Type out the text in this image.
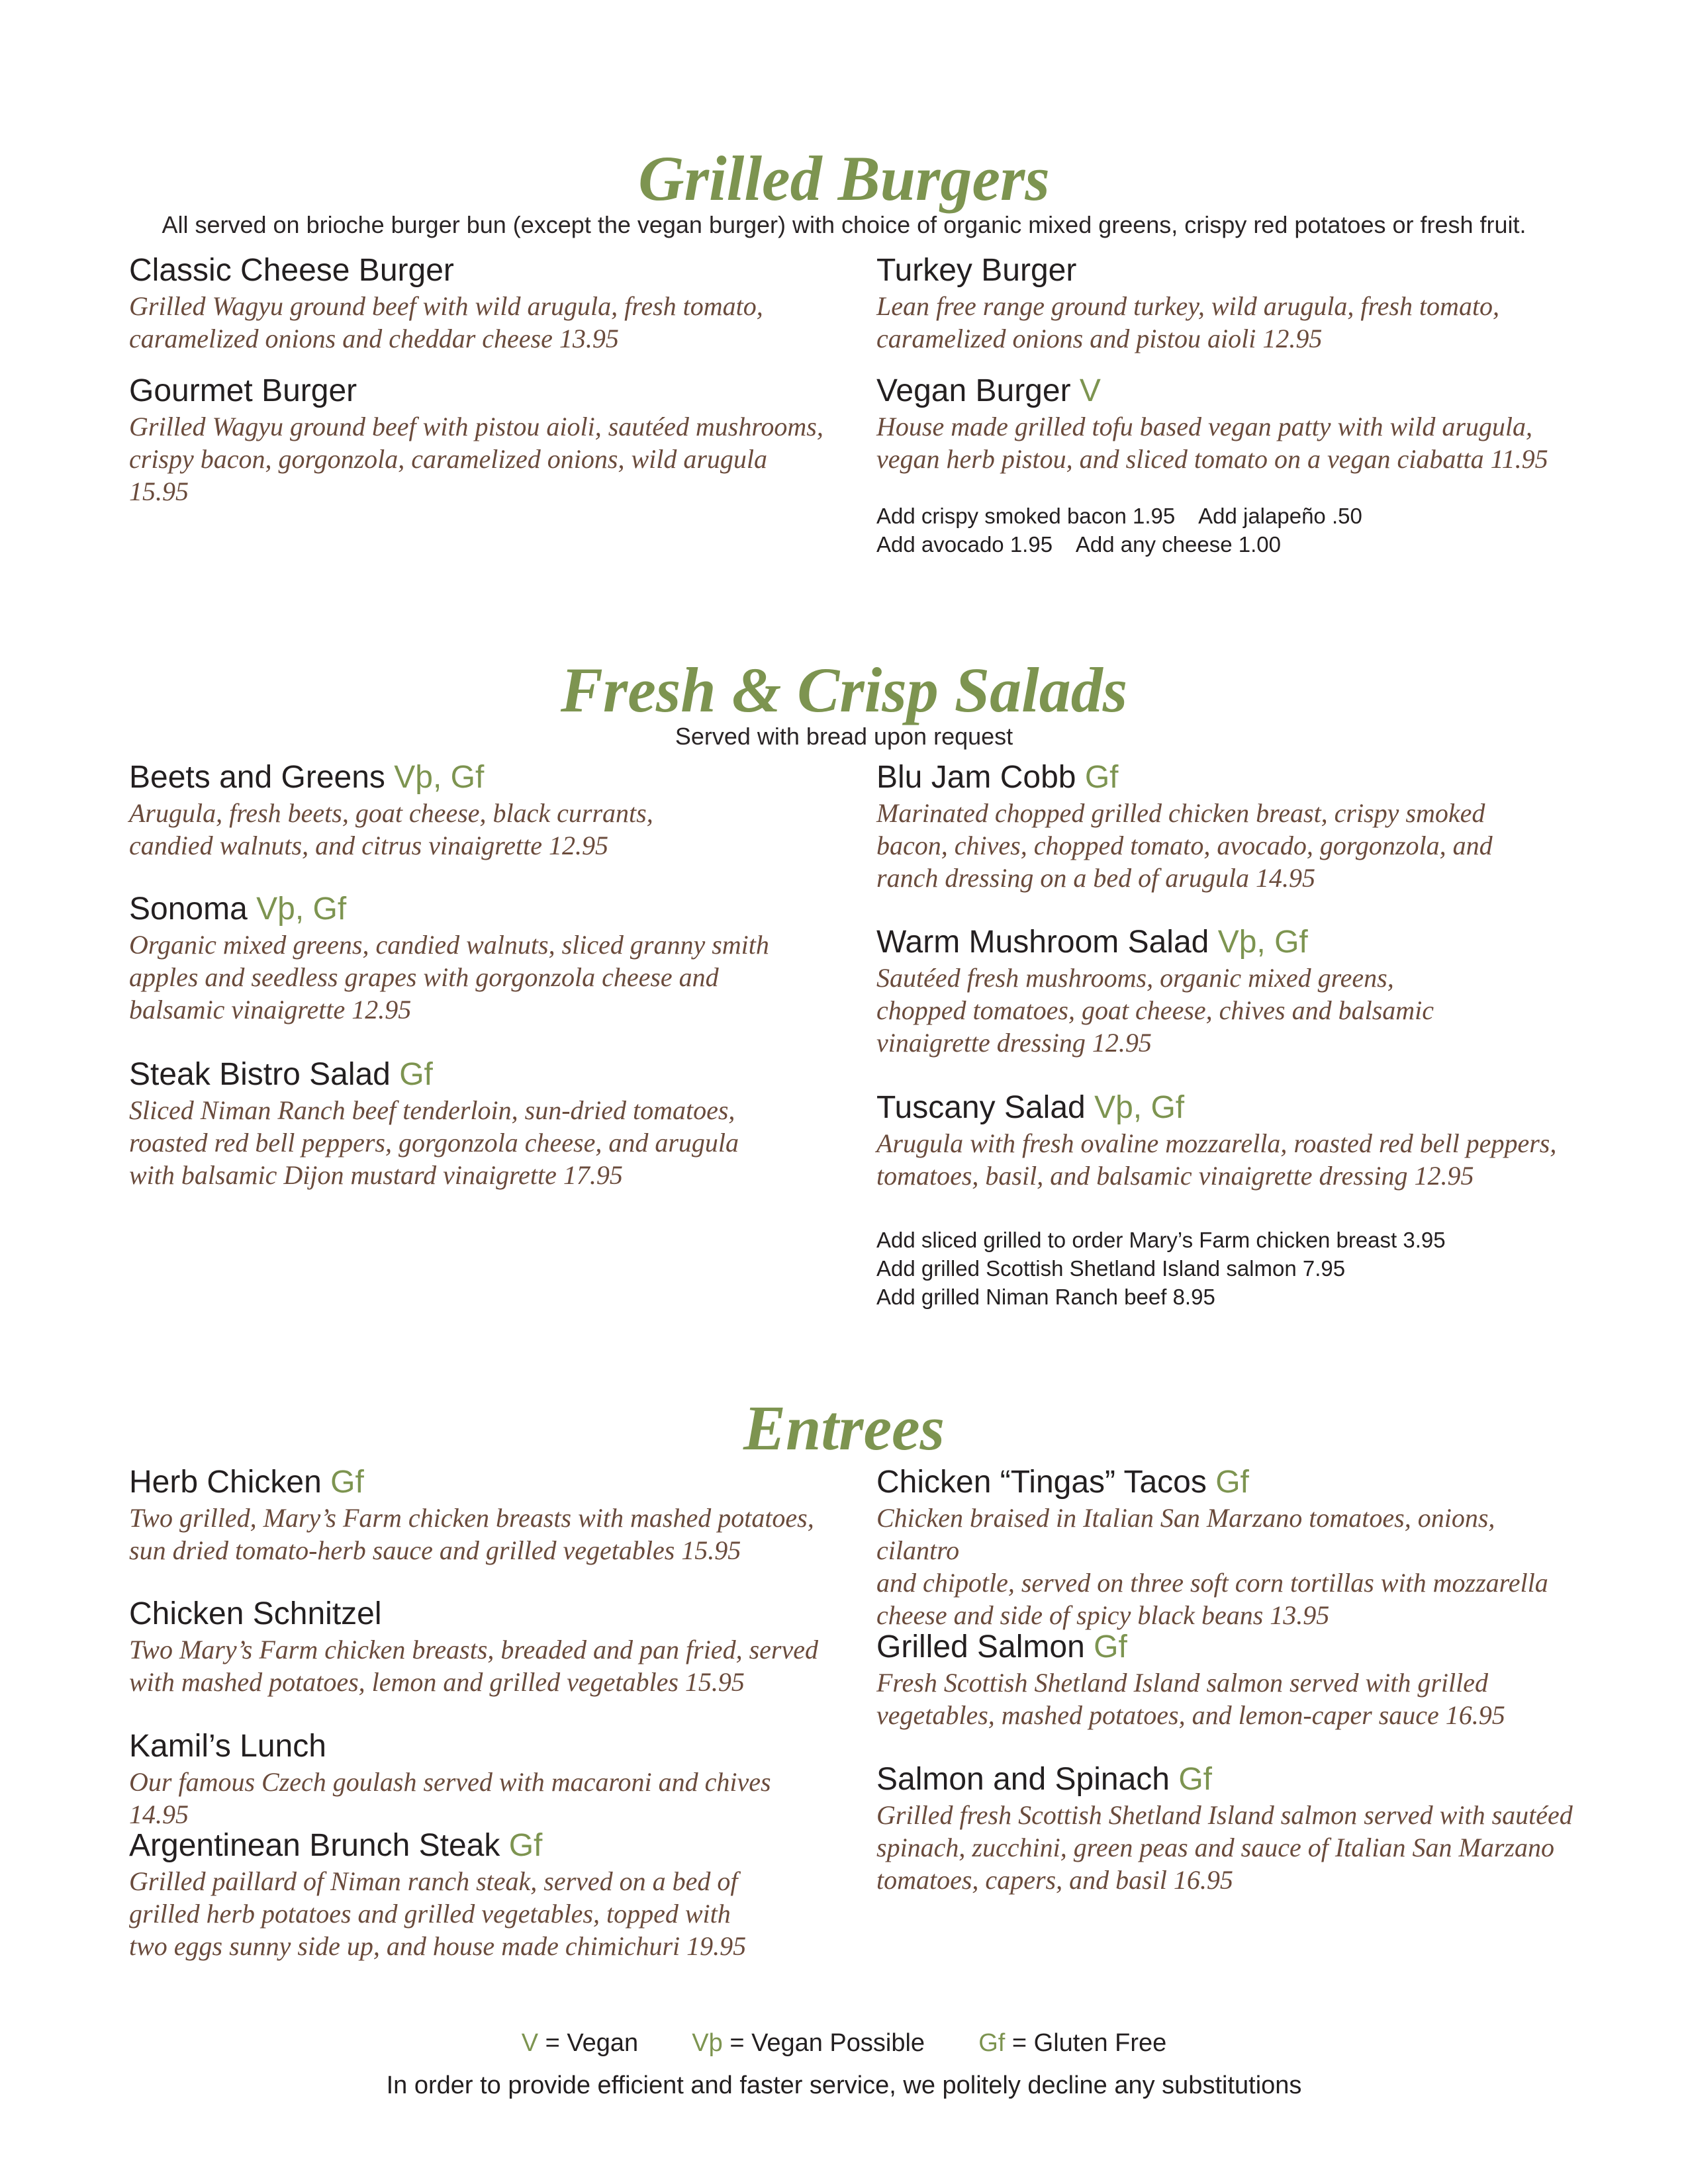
Grilled Burgers

All served on brioche burger bun (except the vegan burger) with choice of organic mixed greens, crispy red potatoes or fresh fruit.

Classic Cheese Burger
Grilled Wagyu ground beef with wild arugula, fresh tomato,
caramelized onions and cheddar cheese 13.95
Gourmet Burger
Grilled Wagyu ground beef with pistou aioli, sautéed mushrooms,
crispy bacon, gorgonzola, caramelized onions, wild arugula 15.95
Turkey Burger
Lean free range ground turkey, wild arugula, fresh tomato,
caramelized onions and pistou aioli 12.95
Vegan Burger V
House made grilled tofu based vegan patty with wild arugula,
vegan herb pistou, and sliced tomato on a vegan ciabatta 11.95
Add crispy smoked bacon 1.95    Add jalapeño .50
Add avocado 1.95    Add any cheese 1.00
Fresh & Crisp Salads

Served with bread upon request

Beets and Greens Vþ, Gf
Arugula, fresh beets, goat cheese, black currants,
candied walnuts, and citrus vinaigrette 12.95
Sonoma Vþ, Gf
Organic mixed greens, candied walnuts, sliced granny smith
apples and seedless grapes with gorgonzola cheese and
balsamic vinaigrette 12.95
Steak Bistro Salad Gf
Sliced Niman Ranch beef tenderloin, sun-dried tomatoes,
roasted red bell peppers, gorgonzola cheese, and arugula
with balsamic Dijon mustard vinaigrette 17.95
Blu Jam Cobb Gf
Marinated chopped grilled chicken breast, crispy smoked
bacon, chives, chopped tomato, avocado, gorgonzola, and
ranch dressing on a bed of arugula 14.95
Warm Mushroom Salad Vþ, Gf
Sautéed fresh mushrooms, organic mixed greens,
chopped tomatoes, goat cheese, chives and balsamic
vinaigrette dressing 12.95
Tuscany Salad Vþ, Gf
Arugula with fresh ovaline mozzarella, roasted red bell peppers,
tomatoes, basil, and balsamic vinaigrette dressing 12.95
Add sliced grilled to order Mary’s Farm chicken breast 3.95
Add grilled Scottish Shetland Island salmon 7.95
Add grilled Niman Ranch beef 8.95
Entrees
Herb Chicken Gf
Two grilled, Mary’s Farm chicken breasts with mashed potatoes,
sun dried tomato-herb sauce and grilled vegetables 15.95
Chicken Schnitzel
Two Mary’s Farm chicken breasts, breaded and pan fried, served
with mashed potatoes, lemon and grilled vegetables 15.95
Kamil’s Lunch
Our famous Czech goulash served with macaroni and chives 14.95
Argentinean Brunch Steak Gf
Grilled paillard of Niman ranch steak, served on a bed of
grilled herb potatoes and grilled vegetables, topped with
two eggs sunny side up, and house made chimichuri 19.95
Chicken “Tingas” Tacos Gf
Chicken braised in Italian San Marzano tomatoes, onions, cilantro
and chipotle, served on three soft corn tortillas with mozzarella
cheese and side of spicy black beans 13.95
Grilled Salmon Gf
Fresh Scottish Shetland Island salmon served with grilled
vegetables, mashed potatoes, and lemon-caper sauce 16.95
Salmon and Spinach Gf
Grilled fresh Scottish Shetland Island salmon served with sautéed
spinach, zucchini, green peas and sauce of Italian San Marzano
tomatoes, capers, and basil 16.95
V = Vegan Vþ = Vegan Possible Gf = Gluten Free
In order to provide efficient and faster service, we politely decline any substitutions
